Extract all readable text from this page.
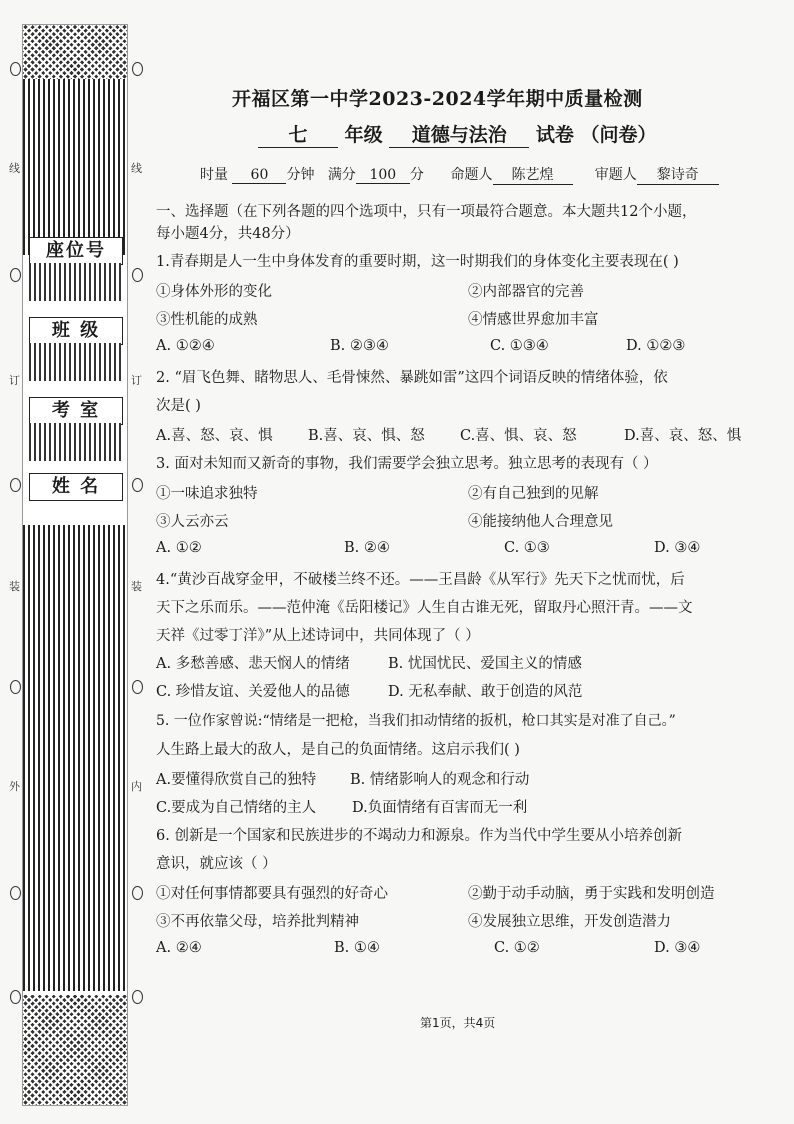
座位号
班 级
考 室
姓 名
线
订
装
外
线
订
装
内
开福区第一中学2023-2024学年期中质量检测
七 年级 道德与法治 试卷 （问卷）
时量 60 分钟 满分 100 分 命题人 陈艺煌	审题人 黎诗奇
一、选择题（在下列各题的四个选项中，只有一项最符合题意。本大题共12个小题，
每小题4分，共48分）
1.青春期是人一生中身体发育的重要时期，这一时期我们的身体变化主要表现在( )
①身体外形的变化	②内部器官的完善
③性机能的成熟	④情感世界愈加丰富
A. ①②④	B. ②③④	C. ①③④	D. ①②③
2. “眉飞色舞、睹物思人、毛骨悚然、暴跳如雷”这四个词语反映的情绪体验，依
次是( )
A.喜、怒、哀、惧 B.喜、哀、惧、怒 C.喜、惧、哀、怒	D.喜、哀、怒、惧
3. 面对未知而又新奇的事物，我们需要学会独立思考。独立思考的表现有（ ）
①一味追求独特	②有自己独到的见解
③人云亦云	④能接纳他人合理意见
A. ①②	B. ②④	C. ①③	D. ③④
4.“黄沙百战穿金甲，不破楼兰终不还。——王昌龄《从军行》先天下之忧而忧，后
天下之乐而乐。——范仲淹《岳阳楼记》人生自古谁无死，留取丹心照汗青。——文
天祥《过零丁洋》”从上述诗词中，共同体现了（ ）
A. 多愁善感、悲天悯人的情绪	B. 忧国忧民、爱国主义的情感
C. 珍惜友谊、关爱他人的品德	D. 无私奉献、敢于创造的风范
5. 一位作家曾说:“情绪是一把枪，当我们扣动情绪的扳机，枪口其实是对准了自己。”
人生路上最大的敌人，是自己的负面情绪。这启示我们( )
A.要懂得欣赏自己的独特 B. 情绪影响人的观念和行动
C.要成为自己情绪的主人 D.负面情绪有百害而无一利
6. 创新是一个国家和民族进步的不竭动力和源泉。作为当代中学生要从小培养创新
意识，就应该（ ）
①对任何事情都要具有强烈的好奇心	②勤于动手动脑，勇于实践和发明创造
③不再依靠父母，培养批判精神	④发展独立思维，开发创造潜力
A. ②④	B. ①④	C. ①②	D. ③④
第1页，共4页
